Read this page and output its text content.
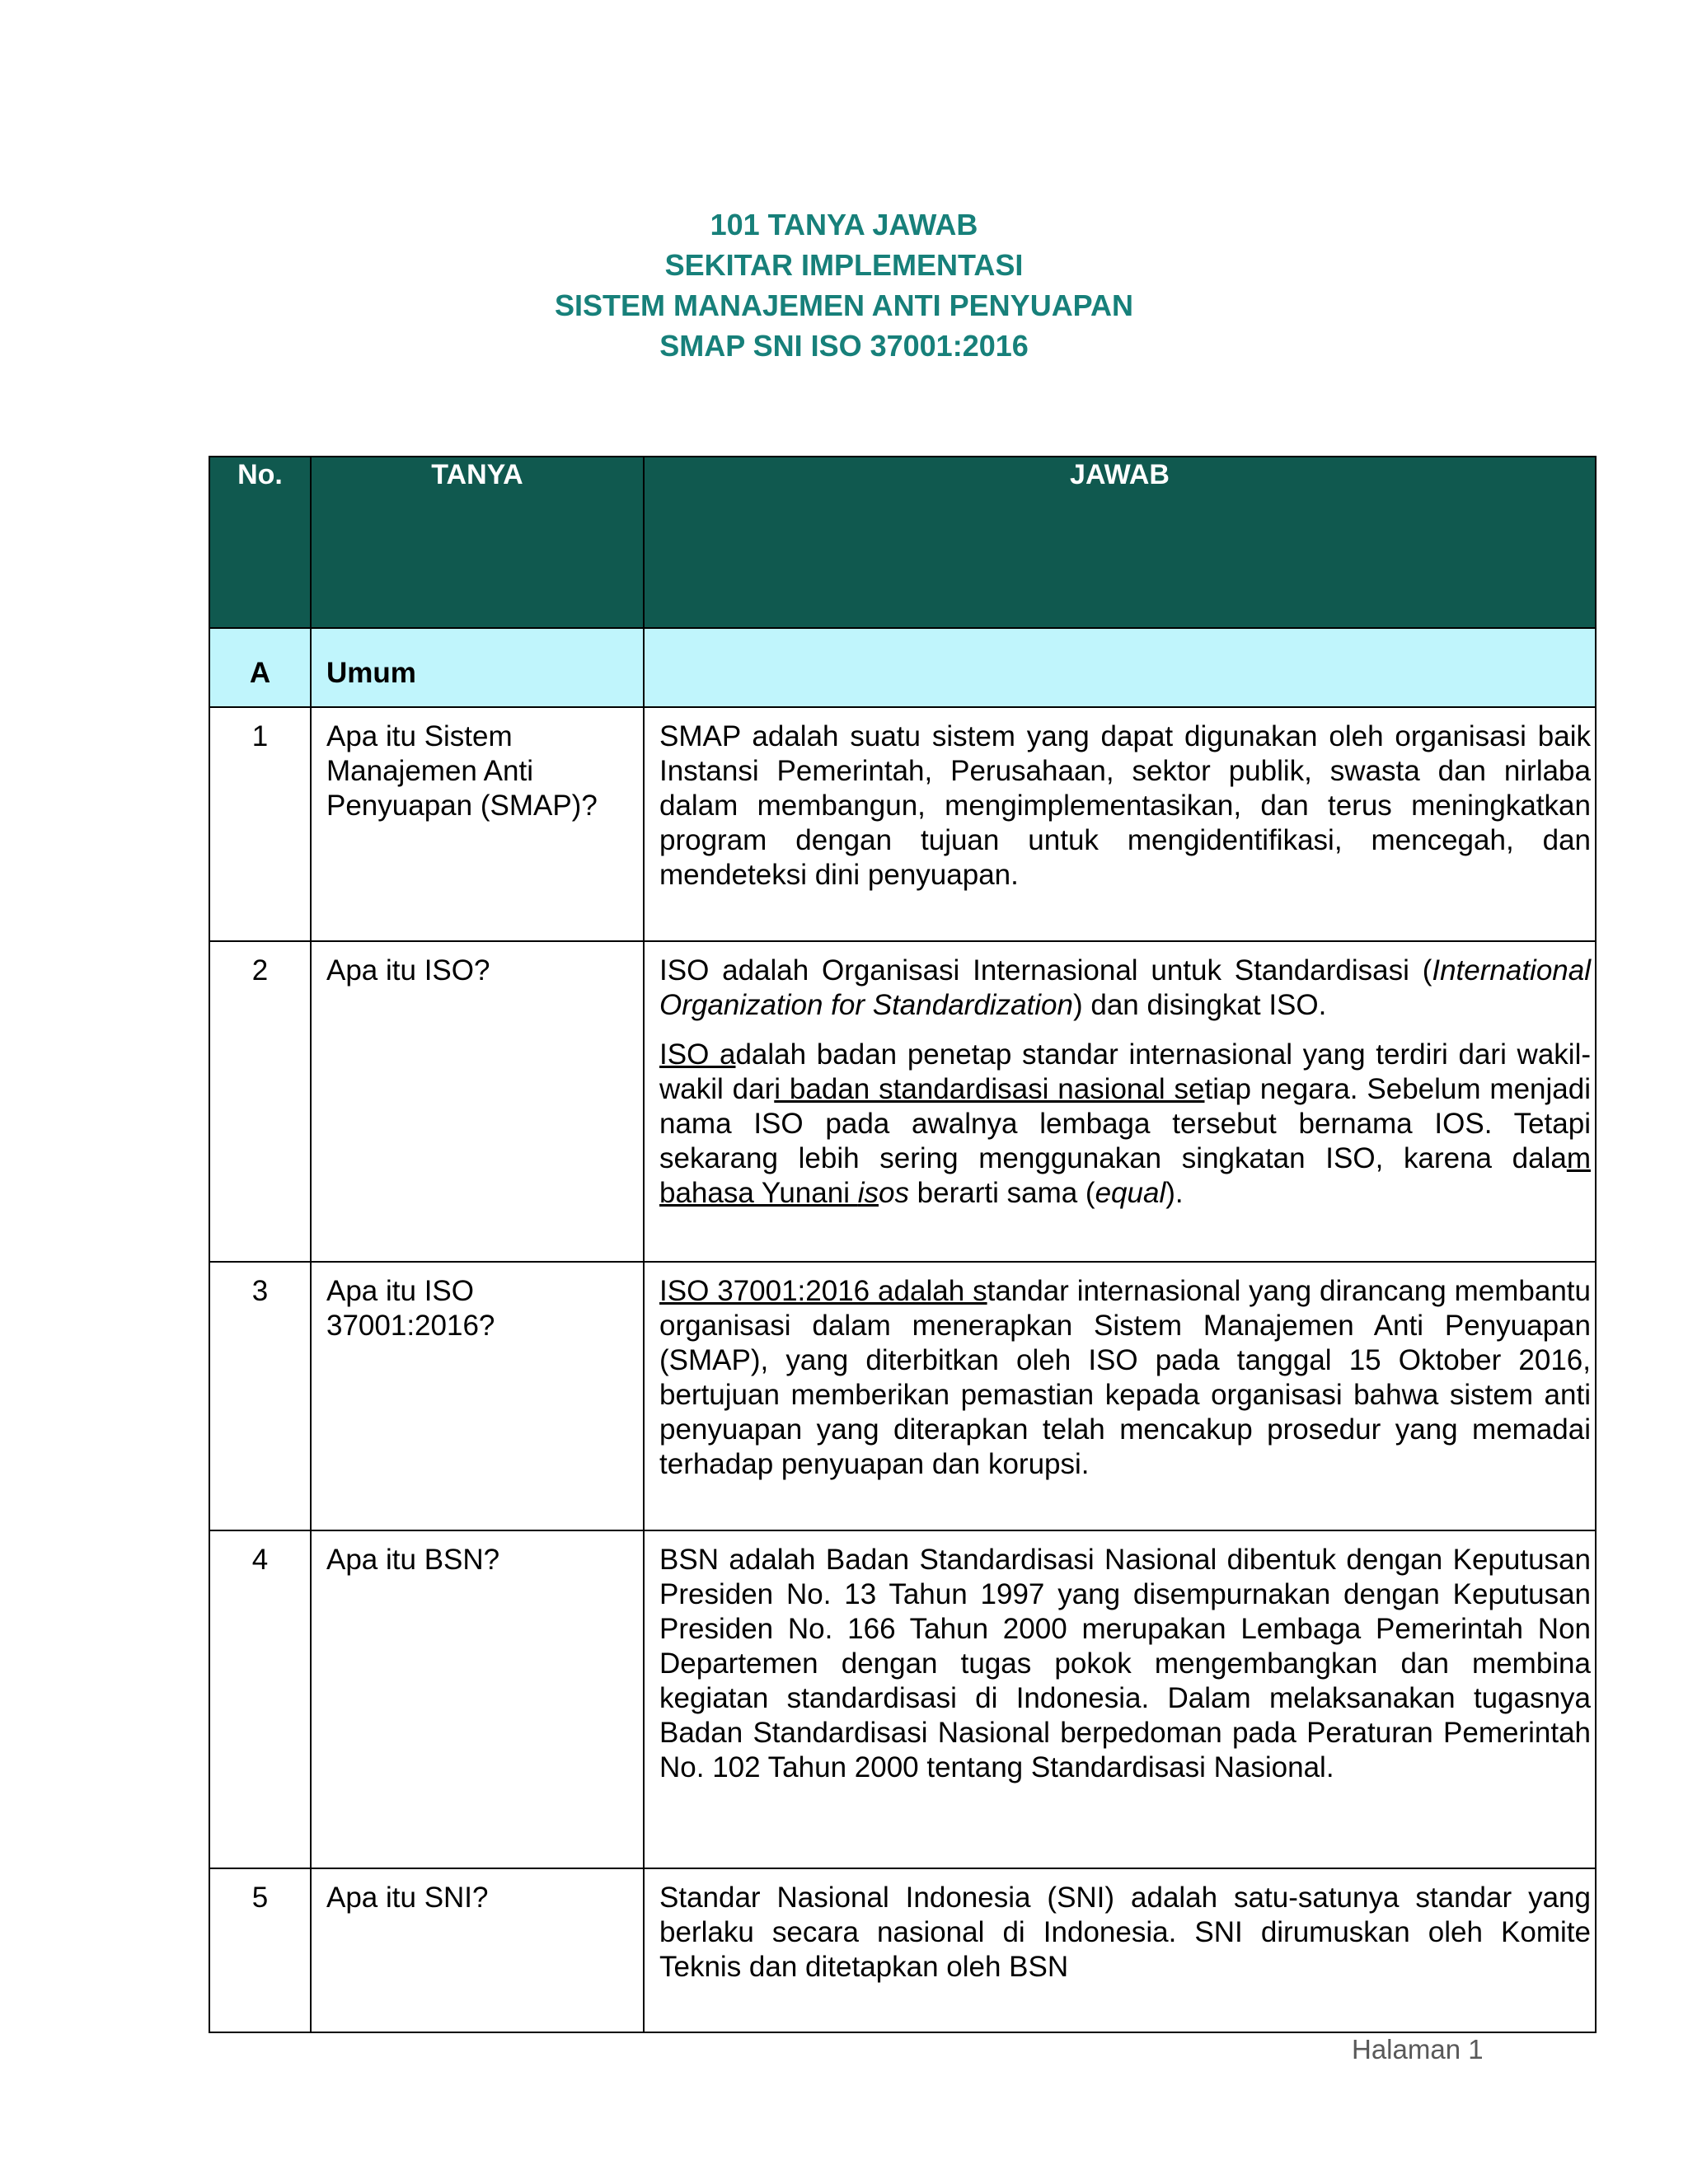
101 TANYA JAWAB
SEKITAR IMPLEMENTASI
SISTEM MANAJEMEN ANTI PENYUAPAN
SMAP SNI ISO 37001:2016
No.	TANYA	JAWAB
A	Umum	
1	Apa itu Sistem Manajemen Anti Penyuapan (SMAP)?	SMAP adalah suatu sistem yang dapat digunakan oleh organisasi baik Instansi Pemerintah, Perusahaan, sektor publik, swasta dan nirlaba dalam membangun, mengimplementasikan, dan terus meningkatkan program dengan tujuan untuk mengidentifikasi, mencegah, dan mendeteksi dini penyuapan.

2	Apa itu ISO?	ISO adalah Organisasi Internasional untuk Standardisasi (International Organization for Standardization) dan disingkat ISO.

ISO adalah badan penetap standar internasional yang terdiri dari wakil-wakil dari badan standardisasi nasional setiap negara. Sebelum menjadi nama ISO pada awalnya lembaga tersebut bernama IOS. Tetapi sekarang lebih sering menggunakan singkatan ISO, karena dalam bahasa Yunani isos berarti sama (equal).

3	Apa itu ISO 37001:2016?	ISO 37001:2016 adalah standar internasional yang dirancang membantu organisasi dalam menerapkan Sistem Manajemen Anti Penyuapan (SMAP), yang diterbitkan oleh ISO pada tanggal 15 Oktober 2016, bertujuan memberikan pemastian kepada organisasi bahwa sistem anti penyuapan yang diterapkan telah mencakup prosedur yang memadai terhadap penyuapan dan korupsi.

4	Apa itu BSN?	BSN adalah Badan Standardisasi Nasional dibentuk dengan Keputusan Presiden No. 13 Tahun 1997 yang disempurnakan dengan Keputusan Presiden No. 166 Tahun 2000 merupakan Lembaga Pemerintah Non Departemen dengan tugas pokok mengembangkan dan membina kegiatan standardisasi di Indonesia. Dalam melaksanakan tugasnya Badan Standardisasi Nasional berpedoman pada Peraturan Pemerintah No. 102 Tahun 2000 tentang Standardisasi Nasional.

5	Apa itu SNI?	Standar Nasional Indonesia (SNI) adalah satu-satunya standar yang berlaku secara nasional di Indonesia. SNI dirumuskan oleh Komite Teknis dan ditetapkan oleh BSN

Halaman 1
